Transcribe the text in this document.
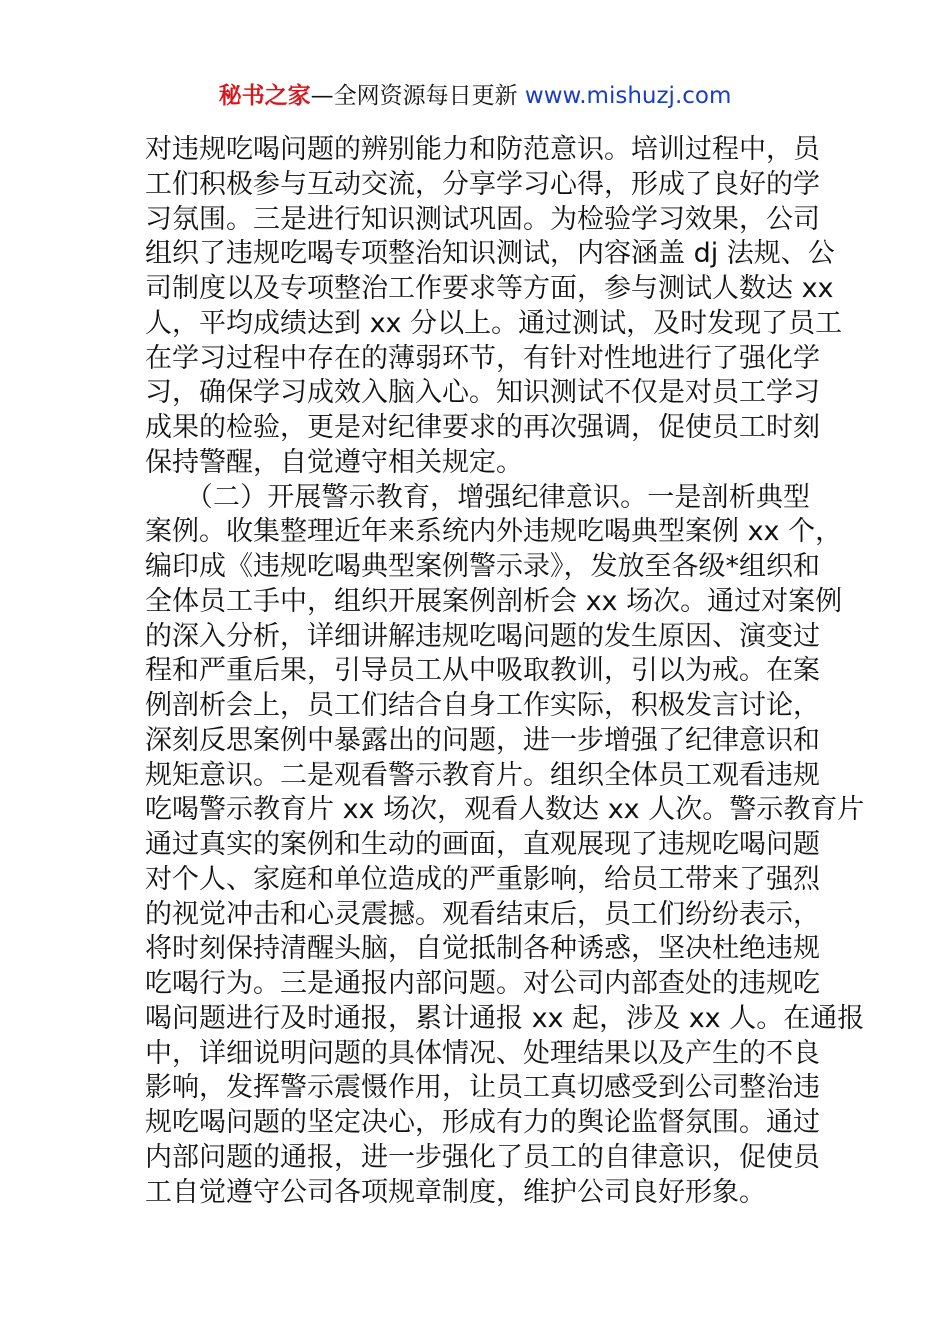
秘书之家—全网资源每日更新 www.mishuzj.com
对违规吃喝问题的辨别能力和防范意识。培训过程中，员
工们积极参与互动交流，分享学习心得，形成了良好的学
习氛围。三是进行知识测试巩固。为检验学习效果，公司
组织了违规吃喝专项整治知识测试，内容涵盖 dj 法规、公
司制度以及专项整治工作要求等方面，参与测试人数达 xx
人，平均成绩达到 xx 分以上。通过测试，及时发现了员工
在学习过程中存在的薄弱环节，有针对性地进行了强化学
习，确保学习成效入脑入心。知识测试不仅是对员工学习
成果的检验，更是对纪律要求的再次强调，促使员工时刻
保持警醒，自觉遵守相关规定。
　　（二）开展警示教育，增强纪律意识。一是剖析典型
案例。收集整理近年来系统内外违规吃喝典型案例 xx 个，
编印成《违规吃喝典型案例警示录》，发放至各级*组织和
全体员工手中，组织开展案例剖析会 xx 场次。通过对案例
的深入分析，详细讲解违规吃喝问题的发生原因、演变过
程和严重后果，引导员工从中吸取教训，引以为戒。在案
例剖析会上，员工们结合自身工作实际，积极发言讨论，
深刻反思案例中暴露出的问题，进一步增强了纪律意识和
规矩意识。二是观看警示教育片。组织全体员工观看违规
吃喝警示教育片 xx 场次，观看人数达 xx 人次。警示教育片
通过真实的案例和生动的画面，直观展现了违规吃喝问题
对个人、家庭和单位造成的严重影响，给员工带来了强烈
的视觉冲击和心灵震撼。观看结束后，员工们纷纷表示，
将时刻保持清醒头脑，自觉抵制各种诱惑，坚决杜绝违规
吃喝行为。三是通报内部问题。对公司内部查处的违规吃
喝问题进行及时通报，累计通报 xx 起，涉及 xx 人。在通报
中，详细说明问题的具体情况、处理结果以及产生的不良
影响，发挥警示震慑作用，让员工真切感受到公司整治违
规吃喝问题的坚定决心，形成有力的舆论监督氛围。通过
内部问题的通报，进一步强化了员工的自律意识，促使员
工自觉遵守公司各项规章制度，维护公司良好形象。
